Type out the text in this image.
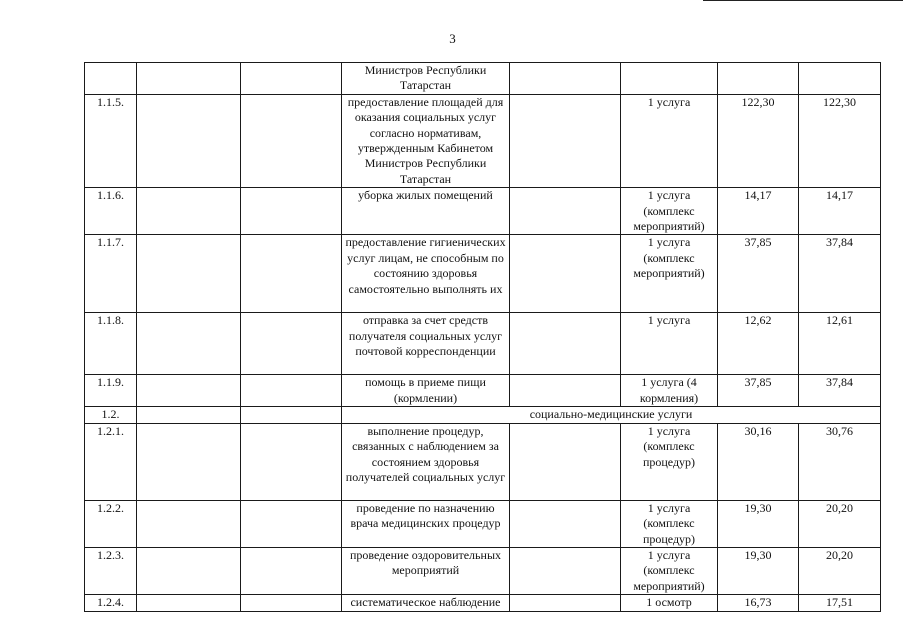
3
			Министров Республики Татарстан				
1.1.5.			предоставление площадей для оказания социальных услуг согласно нормативам, утвержденным Кабинетом Министров Республики Татарстан		1 услуга	122,30	122,30
1.1.6.			уборка жилых помещений		1 услуга (комплекс мероприятий)	14,17	14,17
1.1.7.			предоставление гигиенических услуг лицам, не способным по состоянию здоровья самостоятельно выполнять их		1 услуга (комплекс мероприятий)	37,85	37,84
1.1.8.			отправка за счет средств получателя социальных услуг почтовой корреспонденции		1 услуга	12,62	12,61
1.1.9.			помощь в приеме пищи (кормлении)		1 услуга (4 кормления)	37,85	37,84
1.2.			социально-медицинские услуги				
1.2.1.			выполнение процедур, связанных с наблюдением за состоянием здоровья получателей социальных услуг		1 услуга (комплекс процедур)	30,16	30,76
1.2.2.			проведение по назначению врача медицинских процедур		1 услуга (комплекс процедур)	19,30	20,20
1.2.3.			проведение оздоровительных мероприятий		1 услуга (комплекс мероприятий)	19,30	20,20
1.2.4.			систематическое наблюдение		1 осмотр	16,73	17,51
